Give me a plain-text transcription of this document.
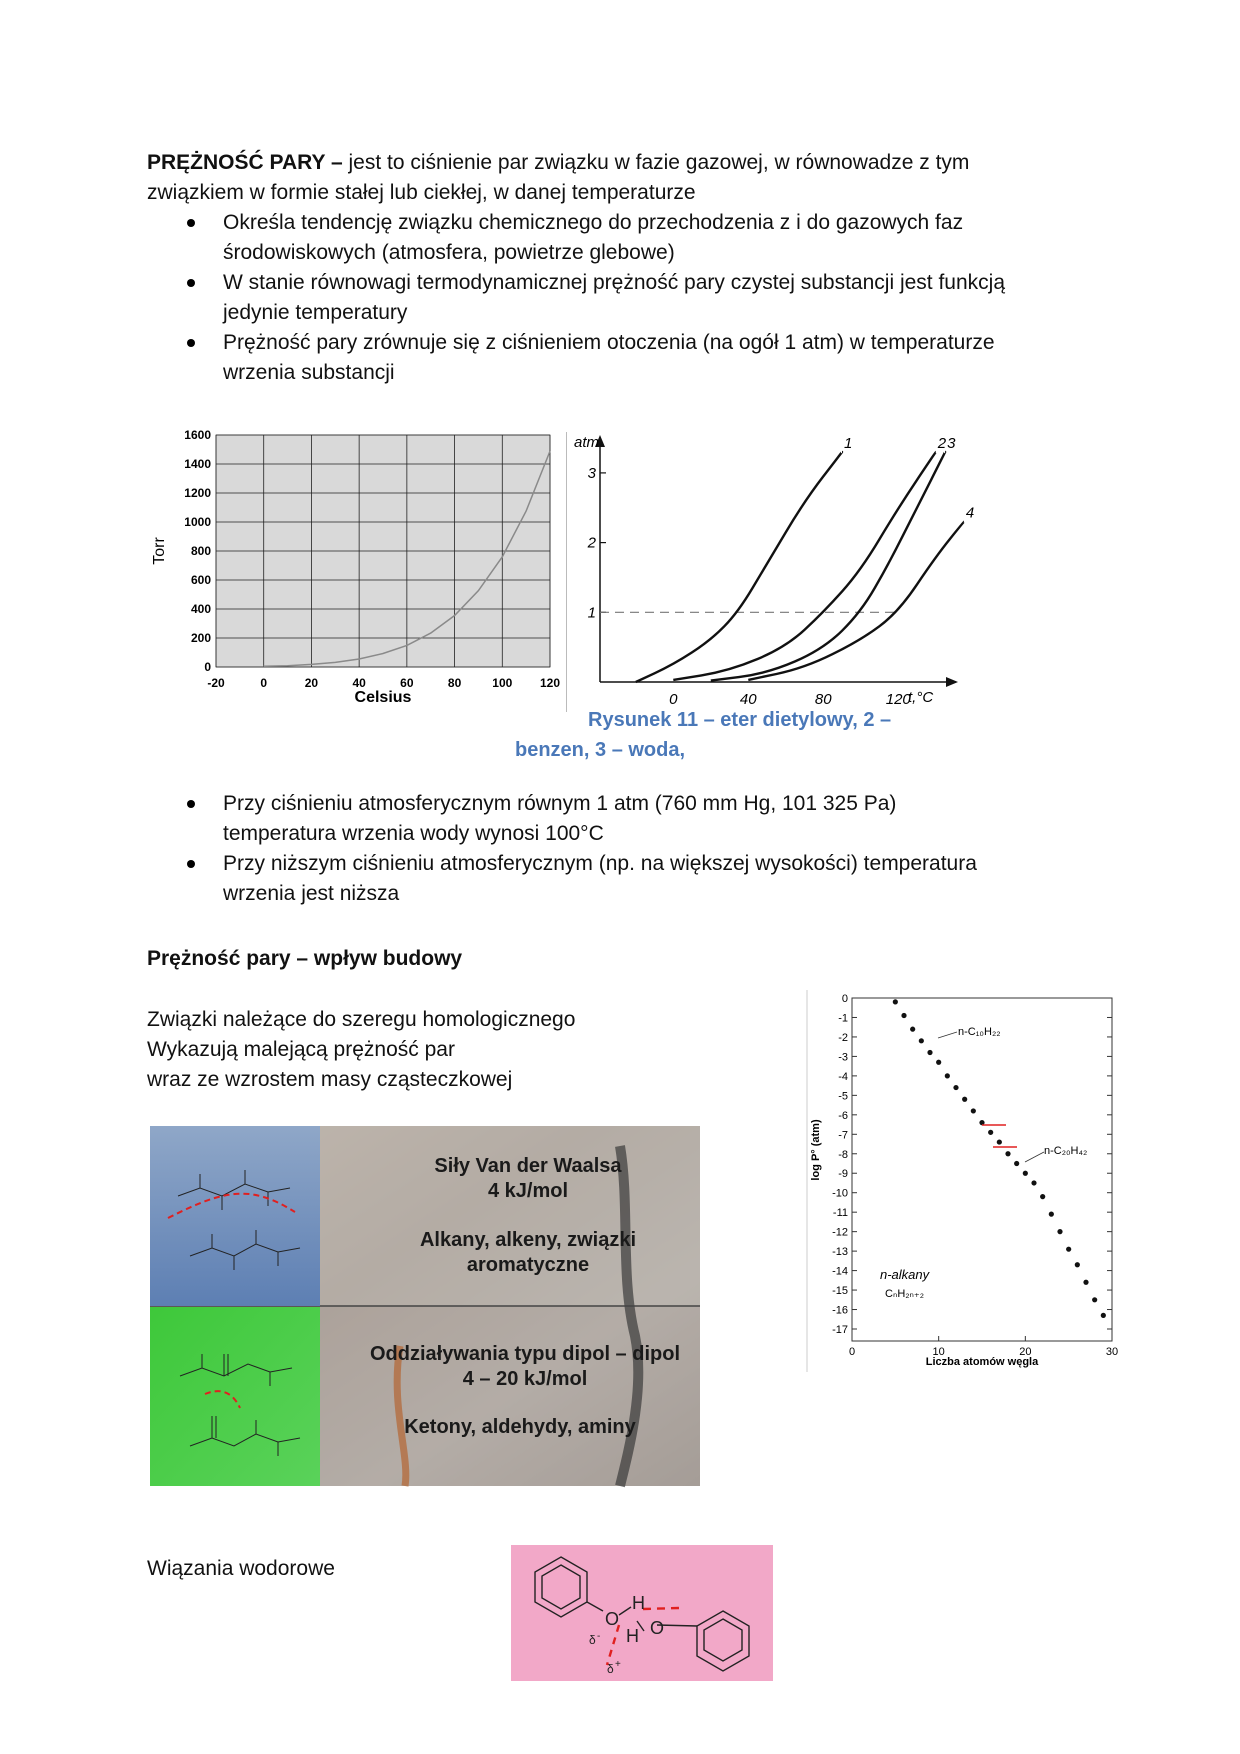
PRĘŻNOŚĆ PARY – jest to ciśnienie par związku w fazie gazowej, w równowadze z tym związkiem w formie stałej lub ciekłej, w danej temperaturze
Określa tendencję związku chemicznego do przechodzenia z i do gazowych faz środowiskowych (atmosfera, powietrze glebowe)
W stanie równowagi termodynamicznej prężność pary czystej substancji jest funkcją jedynie temperatury
Prężność pary zrównuje się z ciśnieniem otoczenia (na ogół 1 atm) w temperaturze wrzenia substancji
-20	0	20	40	60	80	100 120
0
200
400
600
800
1000
1200
1400
1600
Celsius
Torr
0	40	80	120
1
2
3
1	2 3
4
atm
t,°C
Rysunek 11 – eter dietylowy, 2 –
benzen, 3 – woda,
Przy ciśnieniu atmosferycznym równym 1 atm (760 mm Hg, 101 325 Pa) temperatura wrzenia wody wynosi 100°C
Przy niższym ciśnieniu atmosferycznym (np. na większej wysokości) temperatura wrzenia jest niższa
Prężność pary – wpływ budowy
Związki należące do szeregu homologicznego
Wykazują malejącą prężność par
wraz ze wzrostem masy cząsteczkowej
0
-1
-2
-3
-4
-5
-6
-7
-8
-9
-10
-11
-12
-13
-14
-15
-16
-17
0	10	20	30
n-C₁₀H₂₂
n-C₂₀H₄₂
n-alkany
CₙH₂ₙ₊₂
Liczba atomów węgla
log P° (atm)
Siły Van der Waalsa
4 kJ/mol
Alkany, alkeny, związki
aromatyczne
Oddziaływania typu dipol – dipol
4 – 20 kJ/mol
Ketony, aldehydy, aminy
Wiązania wodorowe
O
H
H O
δ -
δ +
